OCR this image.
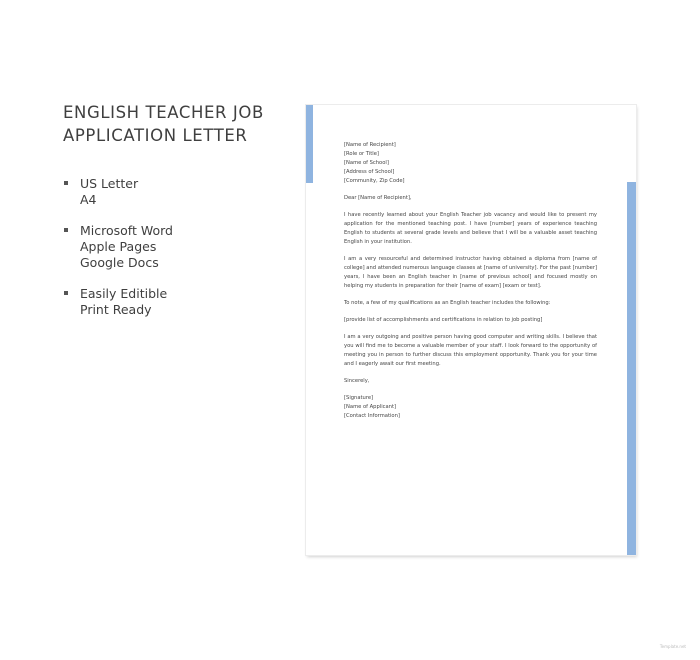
ENGLISH TEACHER JOB APPLICATION LETTER
US Letter
A4
Microsoft Word
Apple Pages
Google Docs
Easily Editible
Print Ready

[Name of Recipient]
[Role or Title]
[Name of School]
[Address of School]
[Community, Zip Code]

Dear [Name of Recipient],

I have recently learned about your English Teacher job vacancy and would like to present my application for the mentioned teaching post. I have [number] years of experience teaching English to students at several grade levels and believe that I will be a valuable asset teaching English in your institution.

I am a very resourceful and determined instructor having obtained a diploma from [name of college] and attended numerous language classes at [name of university]. For the past [number] years, I have been an English teacher in [name of previous school] and focused mostly on helping my students in preparation for their [name of exam] [exam or test].

To note, a few of my qualifications as an English teacher includes the following:

[provide list of accomplishments and certifications in relation to job posting]

I am a very outgoing and positive person having good computer and writing skills. I believe that you will find me to become a valuable member of your staff. I look forward to the opportunity of meeting you in person to further discuss this employment opportunity. Thank you for your time and I eagerly await our first meeting.

Sincerely,

[Signature]
[Name of Applicant]
[Contact Information]

Template.net
